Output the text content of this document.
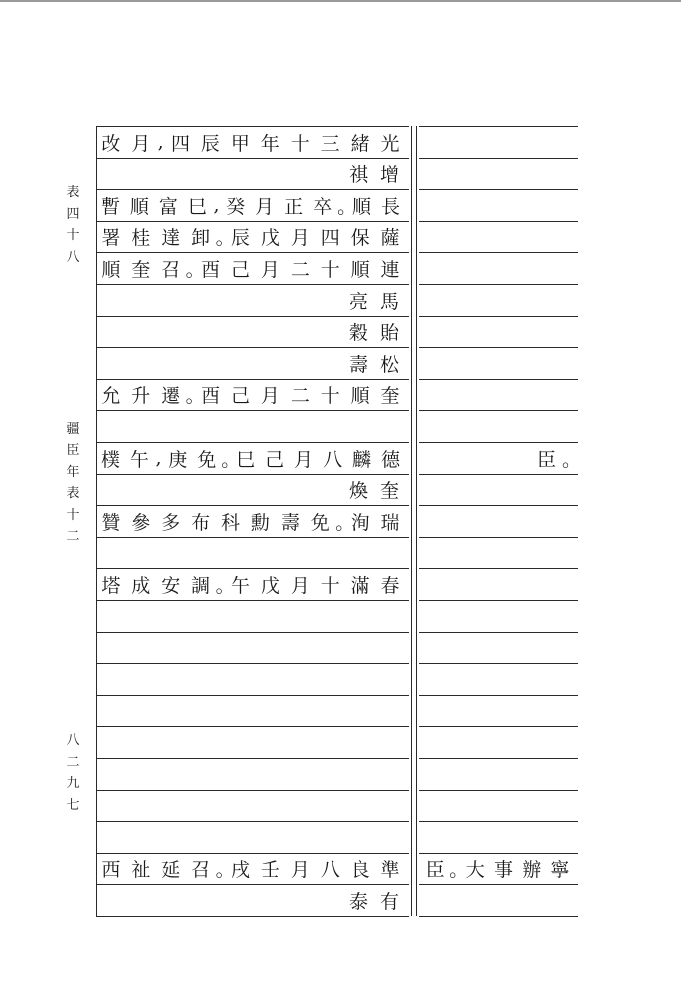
表
四
十
八
疆
臣
年
表
十
二
八
二
九
七
改 月 , 四 辰 甲 年 十 三 緒 光
祺 增
暫 順 富 巳 , 癸 月 正 卒 。
順 長
署 桂 達 卸 。
辰 戊 月 四 保 薩
順 奎 召 。
酉 己 月 二 十 順 連
亮 馬
穀 貽
壽 松
允 升 遷 。
酉 己 月 二 十 順 奎
樸 午 , 庚 免 。
巳 己 月 八 麟 德	臣 。
煥 奎
贊 參 多 布 科 勳 壽 免 。
洵 瑞
塔 成 安 調 。
午 戊 月 十 滿 春
西 祉 延 召 。
戌 壬 月 八 良 準 臣 。
大 事 辦 寧
泰 有
